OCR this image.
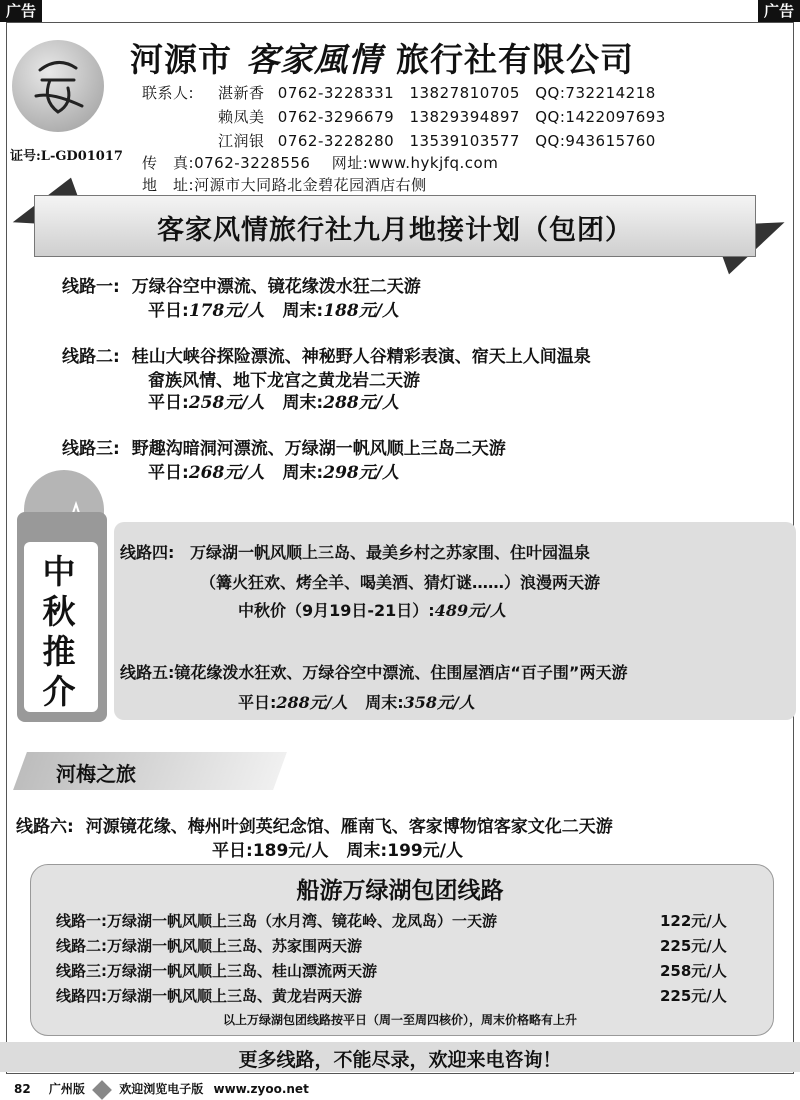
广告	广告
河源市 客家風情 旅行社有限公司
联系人: 湛新香 0762-3228331 13827810705 QQ:732214218
赖凤美 0762-3296679 13829394897 QQ:1422097693
江润银 0762-3228280 13539103577 QQ:943615760
证号:L-GD01017 传　真:0762-3228556 网址:www.hykjfq.com
地　址:河源市大同路北金碧花园酒店右侧
客家风情旅行社九月地接计划（包团）
线路一: 万绿谷空中漂流、镜花缘泼水狂二天游
平日:178元/人 周末:188元/人
线路二: 桂山大峡谷探险漂流、神秘野人谷精彩表演、宿天上人间温泉
畲族风情、地下龙宫之黄龙岩二天游
平日:258元/人 周末:288元/人
线路三: 野趣沟暗洞河漂流、万绿湖一帆风顺上三岛二天游
平日:268元/人 周末:298元/人
中
秋
推
介
线路四: 万绿湖一帆风顺上三岛、最美乡村之苏家围、住叶园温泉
（篝火狂欢、烤全羊、喝美酒、猜灯谜……）浪漫两天游
中秋价（9月19日-21日）:489元/人
线路五:镜花缘泼水狂欢、万绿谷空中漂流、住围屋酒店“百子围”两天游
平日:288元/人 周末:358元/人
河梅之旅
线路六: 河源镜花缘、梅州叶剑英纪念馆、雁南飞、客家博物馆客家文化二天游
平日:189元/人 周末:199元/人
船游万绿湖包团线路
线路一:万绿湖一帆风顺上三岛（水月湾、镜花岭、龙凤岛）一天游	122元/人
线路二:万绿湖一帆风顺上三岛、苏家围两天游	225元/人
线路三:万绿湖一帆风顺上三岛、桂山漂流两天游	258元/人
线路四:万绿湖一帆风顺上三岛、黄龙岩两天游	225元/人
以上万绿湖包团线路按平日（周一至周四核价），周末价格略有上升
更多线路，不能尽录，欢迎来电咨询！
82 广州版	欢迎浏览电子版 www.zyoo.net
